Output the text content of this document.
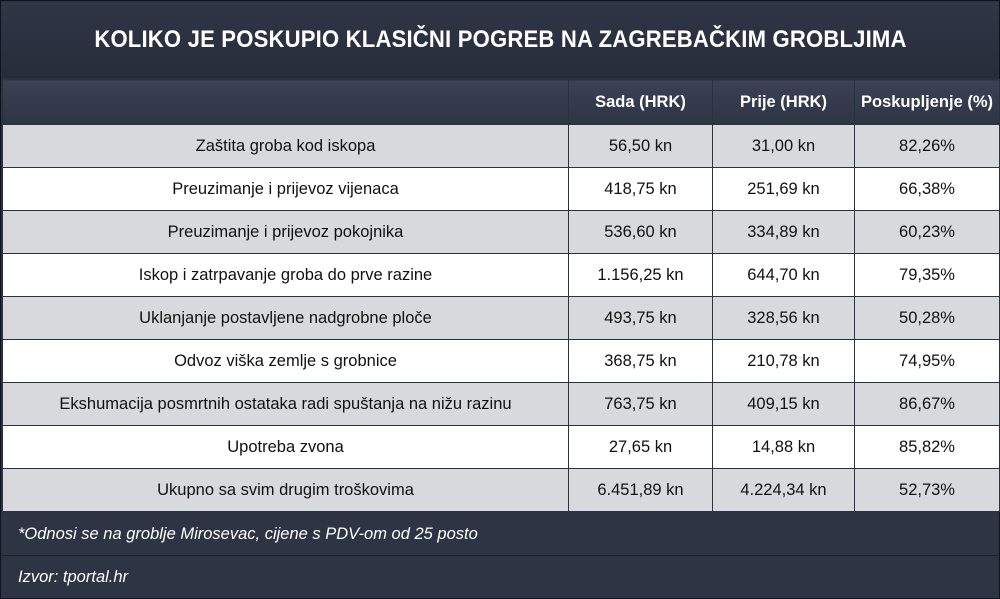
KOLIKO JE POSKUPIO KLASIČNI POGREB NA ZAGREBAČKIM GROBLJIMA
	Sada (HRK)	Prije (HRK)	Poskupljenje (%)
Zaštita groba kod iskopa	56,50 kn	31,00 kn	82,26%
Preuzimanje i prijevoz vijenaca	418,75 kn	251,69 kn	66,38%
Preuzimanje i prijevoz pokojnika	536,60 kn	334,89 kn	60,23%
Iskop i zatrpavanje groba do prve razine	1.156,25 kn	644,70 kn	79,35%
Uklanjanje postavljene nadgrobne ploče	493,75 kn	328,56 kn	50,28%
Odvoz viška zemlje s grobnice	368,75 kn	210,78 kn	74,95%
Ekshumacija posmrtnih ostataka radi spuštanja na nižu razinu	763,75 kn	409,15 kn	86,67%
Upotreba zvona	27,65 kn	14,88 kn	85,82%
Ukupno sa svim drugim troškovima	6.451,89 kn	4.224,34 kn	52,73%
*Odnosi se na groblje Mirosevac, cijene s PDV-om od 25 posto
Izvor: tportal.hr
